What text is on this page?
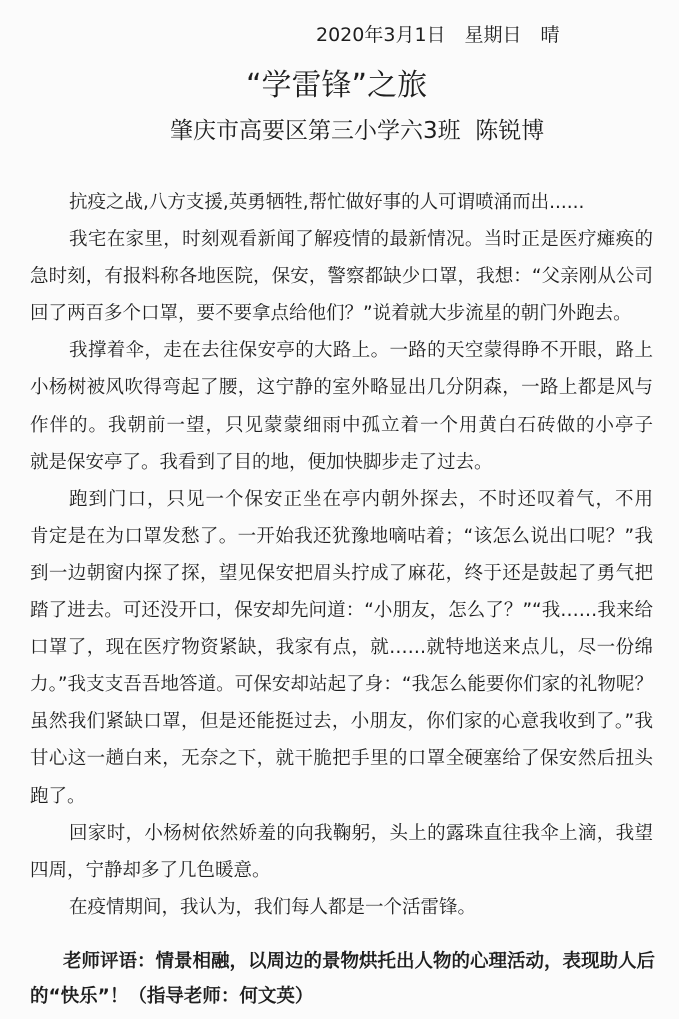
2020年3月1日　星期日　晴
“学雷锋”之旅
肇庆市高要区第三小学六3班  陈锐博
抗疫之战,八方支援,英勇牺牲,帮忙做好事的人可谓喷涌而出......
我宅在家里，时刻观看新闻了解疫情的最新情况。当时正是医疗瘫痪的
急时刻，有报料称各地医院，保安，警察都缺少口罩，我想：“父亲刚从公司
回了两百多个口罩，要不要拿点给他们？”说着就大步流星的朝门外跑去。
我撑着伞，走在去往保安亭的大路上。一路的天空蒙得睁不开眼，路上
小杨树被风吹得弯起了腰，这宁静的室外略显出几分阴森，一路上都是风与
作伴的。我朝前一望，只见蒙蒙细雨中孤立着一个用黄白石砖做的小亭子
就是保安亭了。我看到了目的地，便加快脚步走了过去。
跑到门口，只见一个保安正坐在亭内朝外探去，不时还叹着气，不用
肯定是在为口罩发愁了。一开始我还犹豫地嘀咕着；“该怎么说出口呢？”我
到一边朝窗内探了探，望见保安把眉头拧成了麻花，终于还是鼓起了勇气把
踏了进去。可还没开口，保安却先问道：“小朋友，怎么了？”“我……我来给
口罩了，现在医疗物资紧缺，我家有点，就……就特地送来点儿，尽一份绵
力。”我支支吾吾地答道。可保安却站起了身：“我怎么能要你们家的礼物呢？
虽然我们紧缺口罩，但是还能挺过去，小朋友，你们家的心意我收到了。”我
甘心这一趟白来，无奈之下，就干脆把手里的口罩全硬塞给了保安然后扭头
跑了。
回家时，小杨树依然娇羞的向我鞠躬，头上的露珠直往我伞上滴，我望
四周，宁静却多了几色暖意。
在疫情期间，我认为，我们每人都是一个活雷锋。
老师评语：情景相融，以周边的景物烘托出人物的心理活动，表现助人后
的“快乐”！（指导老师：何文英）
